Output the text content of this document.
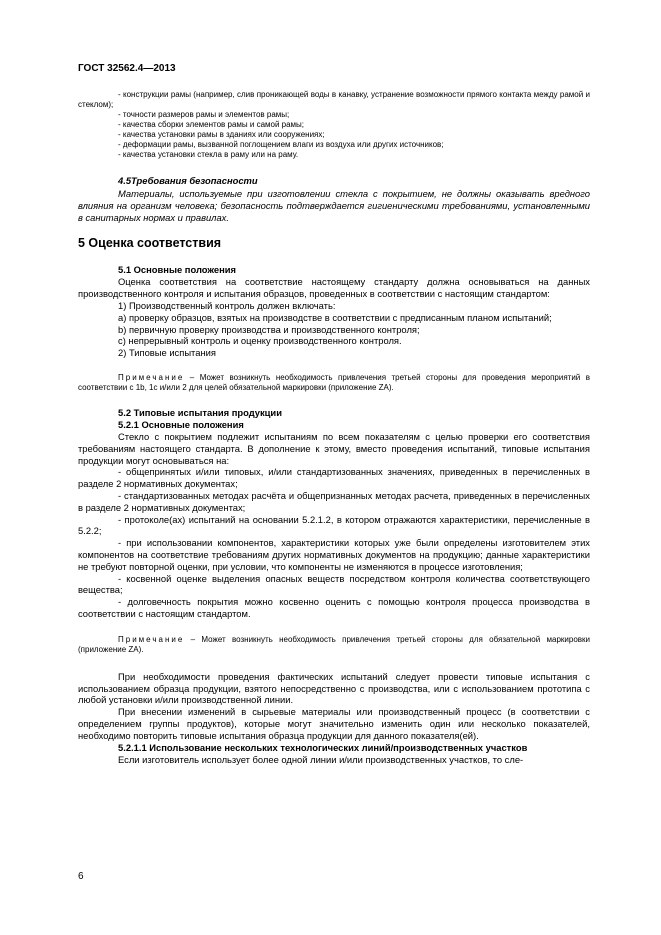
ГОСТ 32562.4—2013

- конструкции рамы (например, слив проникающей воды в канавку, устранение возможности прямого контакта между рамой и стеклом);

- точности размеров рамы и элементов рамы;

- качества сборки элементов рамы и самой рамы;

- качества установки рамы в зданиях или сооружениях;

- деформации рамы, вызванной поглощением влаги из воздуха или других источников;

- качества установки стекла в раму или на раму.

4.5Требования безопасности

Материалы, используемые при изготовлении стекла с покрытием, не должны оказывать вредного влияния на организм человека; безопасность подтверждается гигиеническими требованиями, установленными в санитарных нормах и правилах.

5 Оценка соответствия

5.1 Основные положения

Оценка соответствия на соответствие настоящему стандарту должна основываться на данных производственного контроля и испытания образцов, проведенных в соответствии с настоящим стандартом:

1) Производственный контроль должен включать:

а) проверку образцов, взятых на производстве в соответствии с предписанным планом испытаний;

b) первичную проверку производства и производственного контроля;

с) непрерывный контроль и оценку производственного контроля.

2) Типовые испытания

Примечание – Может возникнуть необходимость привлечения третьей стороны для проведения мероприятий в соответствии с 1b, 1c и/или 2 для целей обязательной маркировки (приложение ZA).

5.2 Типовые испытания продукции

5.2.1 Основные положения

Стекло с покрытием подлежит испытаниям по всем показателям с целью проверки его соответствия требованиям настоящего стандарта. В дополнение к этому, вместо проведения испытаний, типовые испытания продукции могут основываться на:

- общепринятых и/или типовых, и/или стандартизованных значениях, приведенных в перечисленных в разделе 2 нормативных документах;

- стандартизованных методах расчёта и общепризнанных методах расчета, приведенных в перечисленных в разделе 2 нормативных документах;

- протоколе(ах) испытаний на основании 5.2.1.2, в котором отражаются характеристики, перечисленные в 5.2.2;

- при использовании компонентов, характеристики которых уже были определены изготовителем этих компонентов на соответствие требованиям других нормативных документов на продукцию; данные характеристики не требуют повторной оценки, при условии, что компоненты не изменяются в процессе изготовления;

- косвенной оценке выделения опасных веществ посредством контроля количества соответствующего вещества;

- долговечность покрытия можно косвенно оценить с помощью контроля процесса производства в соответствии с настоящим стандартом.

Примечание – Может возникнуть необходимость привлечения третьей стороны для обязательной маркировки (приложение ZA).

При необходимости проведения фактических испытаний следует провести типовые испытания с использованием образца продукции, взятого непосредственно с производства, или с использованием прототипа с любой установки и/или производственной линии.

При внесении изменений в сырьевые материалы или производственный процесс (в соответствии с определением группы продуктов), которые могут значительно изменить один или несколько показателей, необходимо повторить типовые испытания образца продукции для данного показателя(ей).

5.2.1.1 Использование нескольких технологических линий/производственных участков

Если изготовитель использует более одной линии и/или производственных участков, то сле-

6
